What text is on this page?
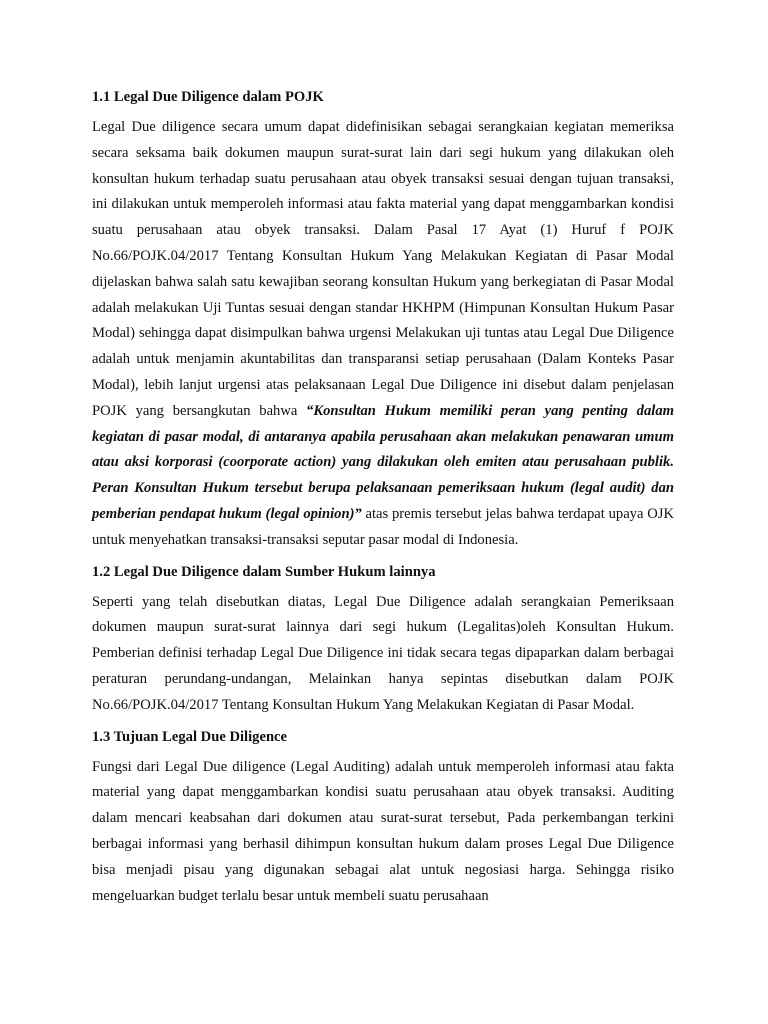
1.1 Legal Due Diligence dalam POJK

Legal Due diligence secara umum dapat didefinisikan sebagai serangkaian kegiatan memeriksa secara seksama baik dokumen maupun surat-surat lain dari segi hukum yang dilakukan oleh konsultan hukum terhadap suatu perusahaan atau obyek transaksi sesuai dengan tujuan transaksi, ini dilakukan untuk memperoleh informasi atau fakta material yang dapat menggambarkan kondisi suatu perusahaan atau obyek transaksi. Dalam Pasal 17 Ayat (1) Huruf f POJK No.66/POJK.04/2017 Tentang Konsultan Hukum Yang Melakukan Kegiatan di Pasar Modal dijelaskan bahwa salah satu kewajiban seorang konsultan Hukum yang berkegiatan di Pasar Modal adalah melakukan Uji Tuntas sesuai dengan standar HKHPM (Himpunan Konsultan Hukum Pasar Modal) sehingga dapat disimpulkan bahwa urgensi Melakukan uji tuntas atau Legal Due Diligence adalah untuk menjamin akuntabilitas dan transparansi setiap perusahaan (Dalam Konteks Pasar Modal), lebih lanjut urgensi atas pelaksanaan Legal Due Diligence ini disebut dalam penjelasan POJK yang bersangkutan bahwa “Konsultan Hukum memiliki peran yang penting dalam kegiatan di pasar modal, di antaranya apabila perusahaan akan melakukan penawaran umum atau aksi korporasi (coorporate action) yang dilakukan oleh emiten atau perusahaan publik. Peran Konsultan Hukum tersebut berupa pelaksanaan pemeriksaan hukum (legal audit) dan pemberian pendapat hukum (legal opinion)” atas premis tersebut jelas bahwa terdapat upaya OJK untuk menyehatkan transaksi-transaksi seputar pasar modal di Indonesia.

1.2 Legal Due Diligence dalam Sumber Hukum lainnya

Seperti yang telah disebutkan diatas, Legal Due Diligence adalah serangkaian Pemeriksaan dokumen maupun surat-surat lainnya dari segi hukum (Legalitas)oleh Konsultan Hukum. Pemberian definisi terhadap Legal Due Diligence ini tidak secara tegas dipaparkan dalam berbagai peraturan perundang-undangan, Melainkan hanya sepintas disebutkan dalam POJK No.66/POJK.04/2017 Tentang Konsultan Hukum Yang Melakukan Kegiatan di Pasar Modal.

1.3 Tujuan Legal Due Diligence

Fungsi dari Legal Due diligence (Legal Auditing) adalah untuk memperoleh informasi atau fakta material yang dapat menggambarkan kondisi suatu perusahaan atau obyek transaksi. Auditing dalam mencari keabsahan dari dokumen atau surat-surat tersebut, Pada perkembangan terkini berbagai informasi yang berhasil dihimpun konsultan hukum dalam proses Legal Due Diligence bisa menjadi pisau yang digunakan sebagai alat untuk negosiasi harga. Sehingga risiko mengeluarkan budget terlalu besar untuk membeli suatu perusahaan
